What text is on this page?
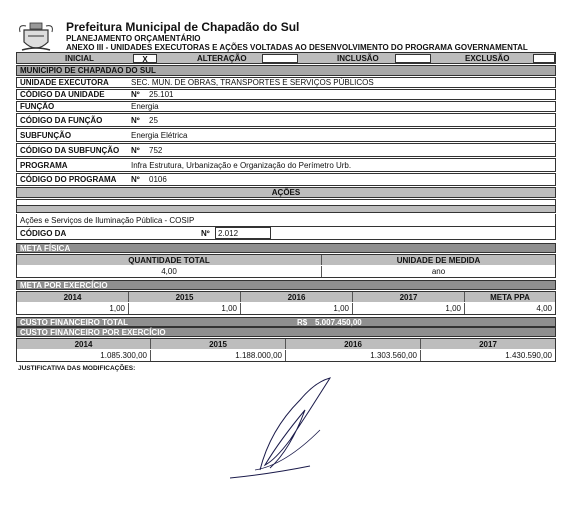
Prefeitura Municipal de Chapadão do Sul
PLANEJAMENTO ORÇAMENTÁRIO
ANEXO III - UNIDADES EXECUTORAS E AÇÕES VOLTADAS AO DESENVOLVIMENTO DO PROGRAMA GOVERNAMENTAL
INICIAL	X	ALTERAÇÃO	INCLUSÃO	EXCLUSÃO
MUNICIPIO DE CHAPADAO DO SUL
UNIDADE EXECUTORA	SEC. MUN. DE OBRAS, TRANSPORTES E SERVIÇOS PÚBLICOS
CÓDIGO DA UNIDADE	Nº 25.101
FUNÇÃO	Energia
CÓDIGO DA FUNÇÃO	Nº 25
SUBFUNÇÃO	Energia Elétrica
CÓDIGO DA SUBFUNÇÃO Nº 752
PROGRAMA	Infra Estrutura, Urbanização e Organização do Perímetro Urb.
CÓDIGO DO PROGRAMA Nº 0106
AÇÕES
Ações e Serviços de Iluminação Pública - COSIP
CÓDIGO DA	Nº	2.012
META FÍSICA
QUANTIDADE TOTAL	UNIDADE DE MEDIDA
4,00	ano
META POR EXERCÍCIO
2014	2015	2016	2017	META PPA
1,00	1,00	1,00	1,00	4,00
CUSTO FINANCEIRO TOTAL	R$ 5.007.450,00
CUSTO FINANCEIRO POR EXERCÍCIO
2014	2015	2016	2017
1.085.300,00	1.188.000,00	1.303.560,00	1.430.590,00
JUSTIFICATIVA DAS MODIFICAÇÕES:
